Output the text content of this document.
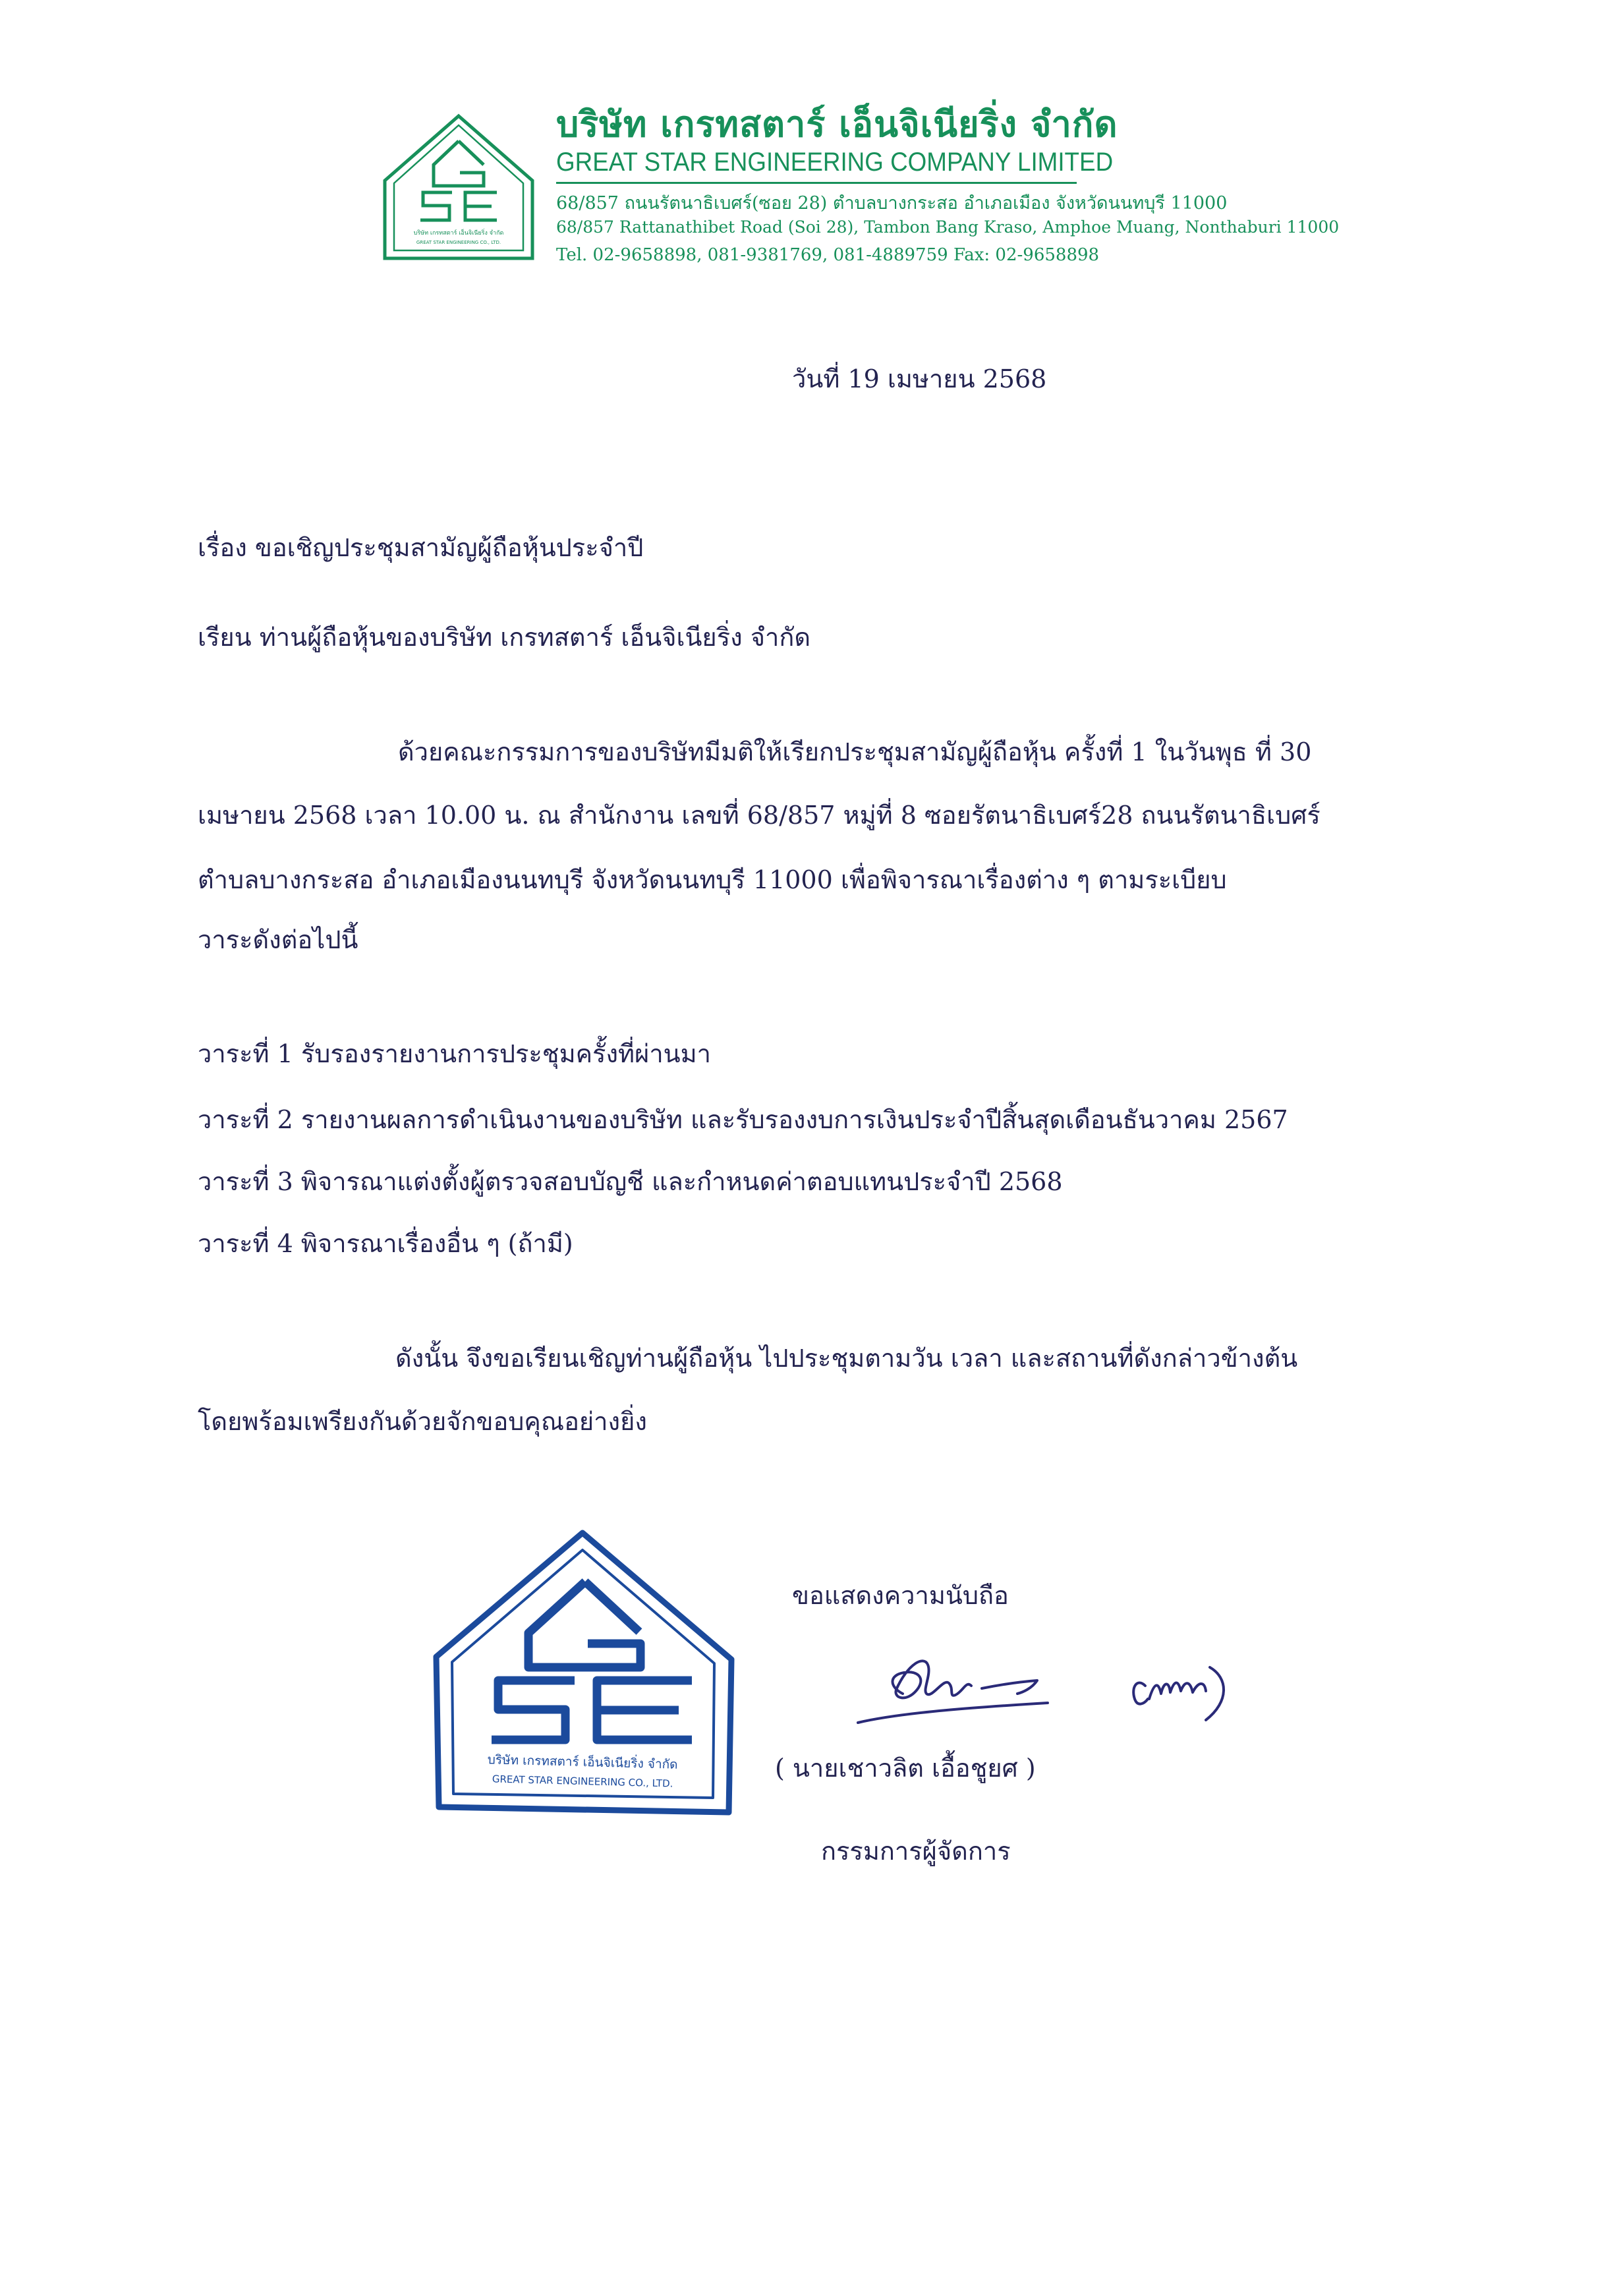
บริษัท เกรทสตาร์ เอ็นจิเนียริ่ง จำกัด
GREAT STAR ENGINEERING CO., LTD.
บริษัท เกรทสตาร์ เอ็นจิเนียริ่ง จำกัด
GREAT STAR ENGINEERING COMPANY LIMITED
68/857 ถนนรัตนาธิเบศร์(ซอย 28) ตำบลบางกระสอ อำเภอเมือง จังหวัดนนทบุรี 11000
68/857 Rattanathibet Road (Soi 28), Tambon Bang Kraso, Amphoe Muang, Nonthaburi 11000
Tel. 02-9658898, 081-9381769, 081-4889759 Fax: 02-9658898
วันที่ 19 เมษายน 2568
เรื่อง ขอเชิญประชุมสามัญผู้ถือหุ้นประจำปี
เรียน ท่านผู้ถือหุ้นของบริษัท เกรทสตาร์ เอ็นจิเนียริ่ง จำกัด
ด้วยคณะกรรมการของบริษัทมีมติให้เรียกประชุมสามัญผู้ถือหุ้น ครั้งที่ 1 ในวันพุธ ที่ 30
เมษายน 2568 เวลา 10.00 น. ณ สำนักงาน เลขที่ 68/857 หมู่ที่ 8 ซอยรัตนาธิเบศร์28 ถนนรัตนาธิเบศร์
ตำบลบางกระสอ อำเภอเมืองนนทบุรี จังหวัดนนทบุรี 11000 เพื่อพิจารณาเรื่องต่าง ๆ ตามระเบียบ
วาระดังต่อไปนี้
วาระที่ 1 รับรองรายงานการประชุมครั้งที่ผ่านมา
วาระที่ 2 รายงานผลการดำเนินงานของบริษัท และรับรองงบการเงินประจำปีสิ้นสุดเดือนธันวาคม 2567
วาระที่ 3 พิจารณาแต่งตั้งผู้ตรวจสอบบัญชี และกำหนดค่าตอบแทนประจำปี 2568
วาระที่ 4 พิจารณาเรื่องอื่น ๆ (ถ้ามี)
ดังนั้น จึงขอเรียนเชิญท่านผู้ถือหุ้น ไปประชุมตามวัน เวลา และสถานที่ดังกล่าวข้างต้น
โดยพร้อมเพรียงกันด้วยจักขอบคุณอย่างยิ่ง
ขอแสดงความนับถือ
บริษัท เกรทสตาร์ เอ็นจิเนียริ่ง จำกัด
GREAT STAR ENGINEERING CO., LTD.	( นายเชาวลิต เอื้อชูยศ )
กรรมการผู้จัดการ
